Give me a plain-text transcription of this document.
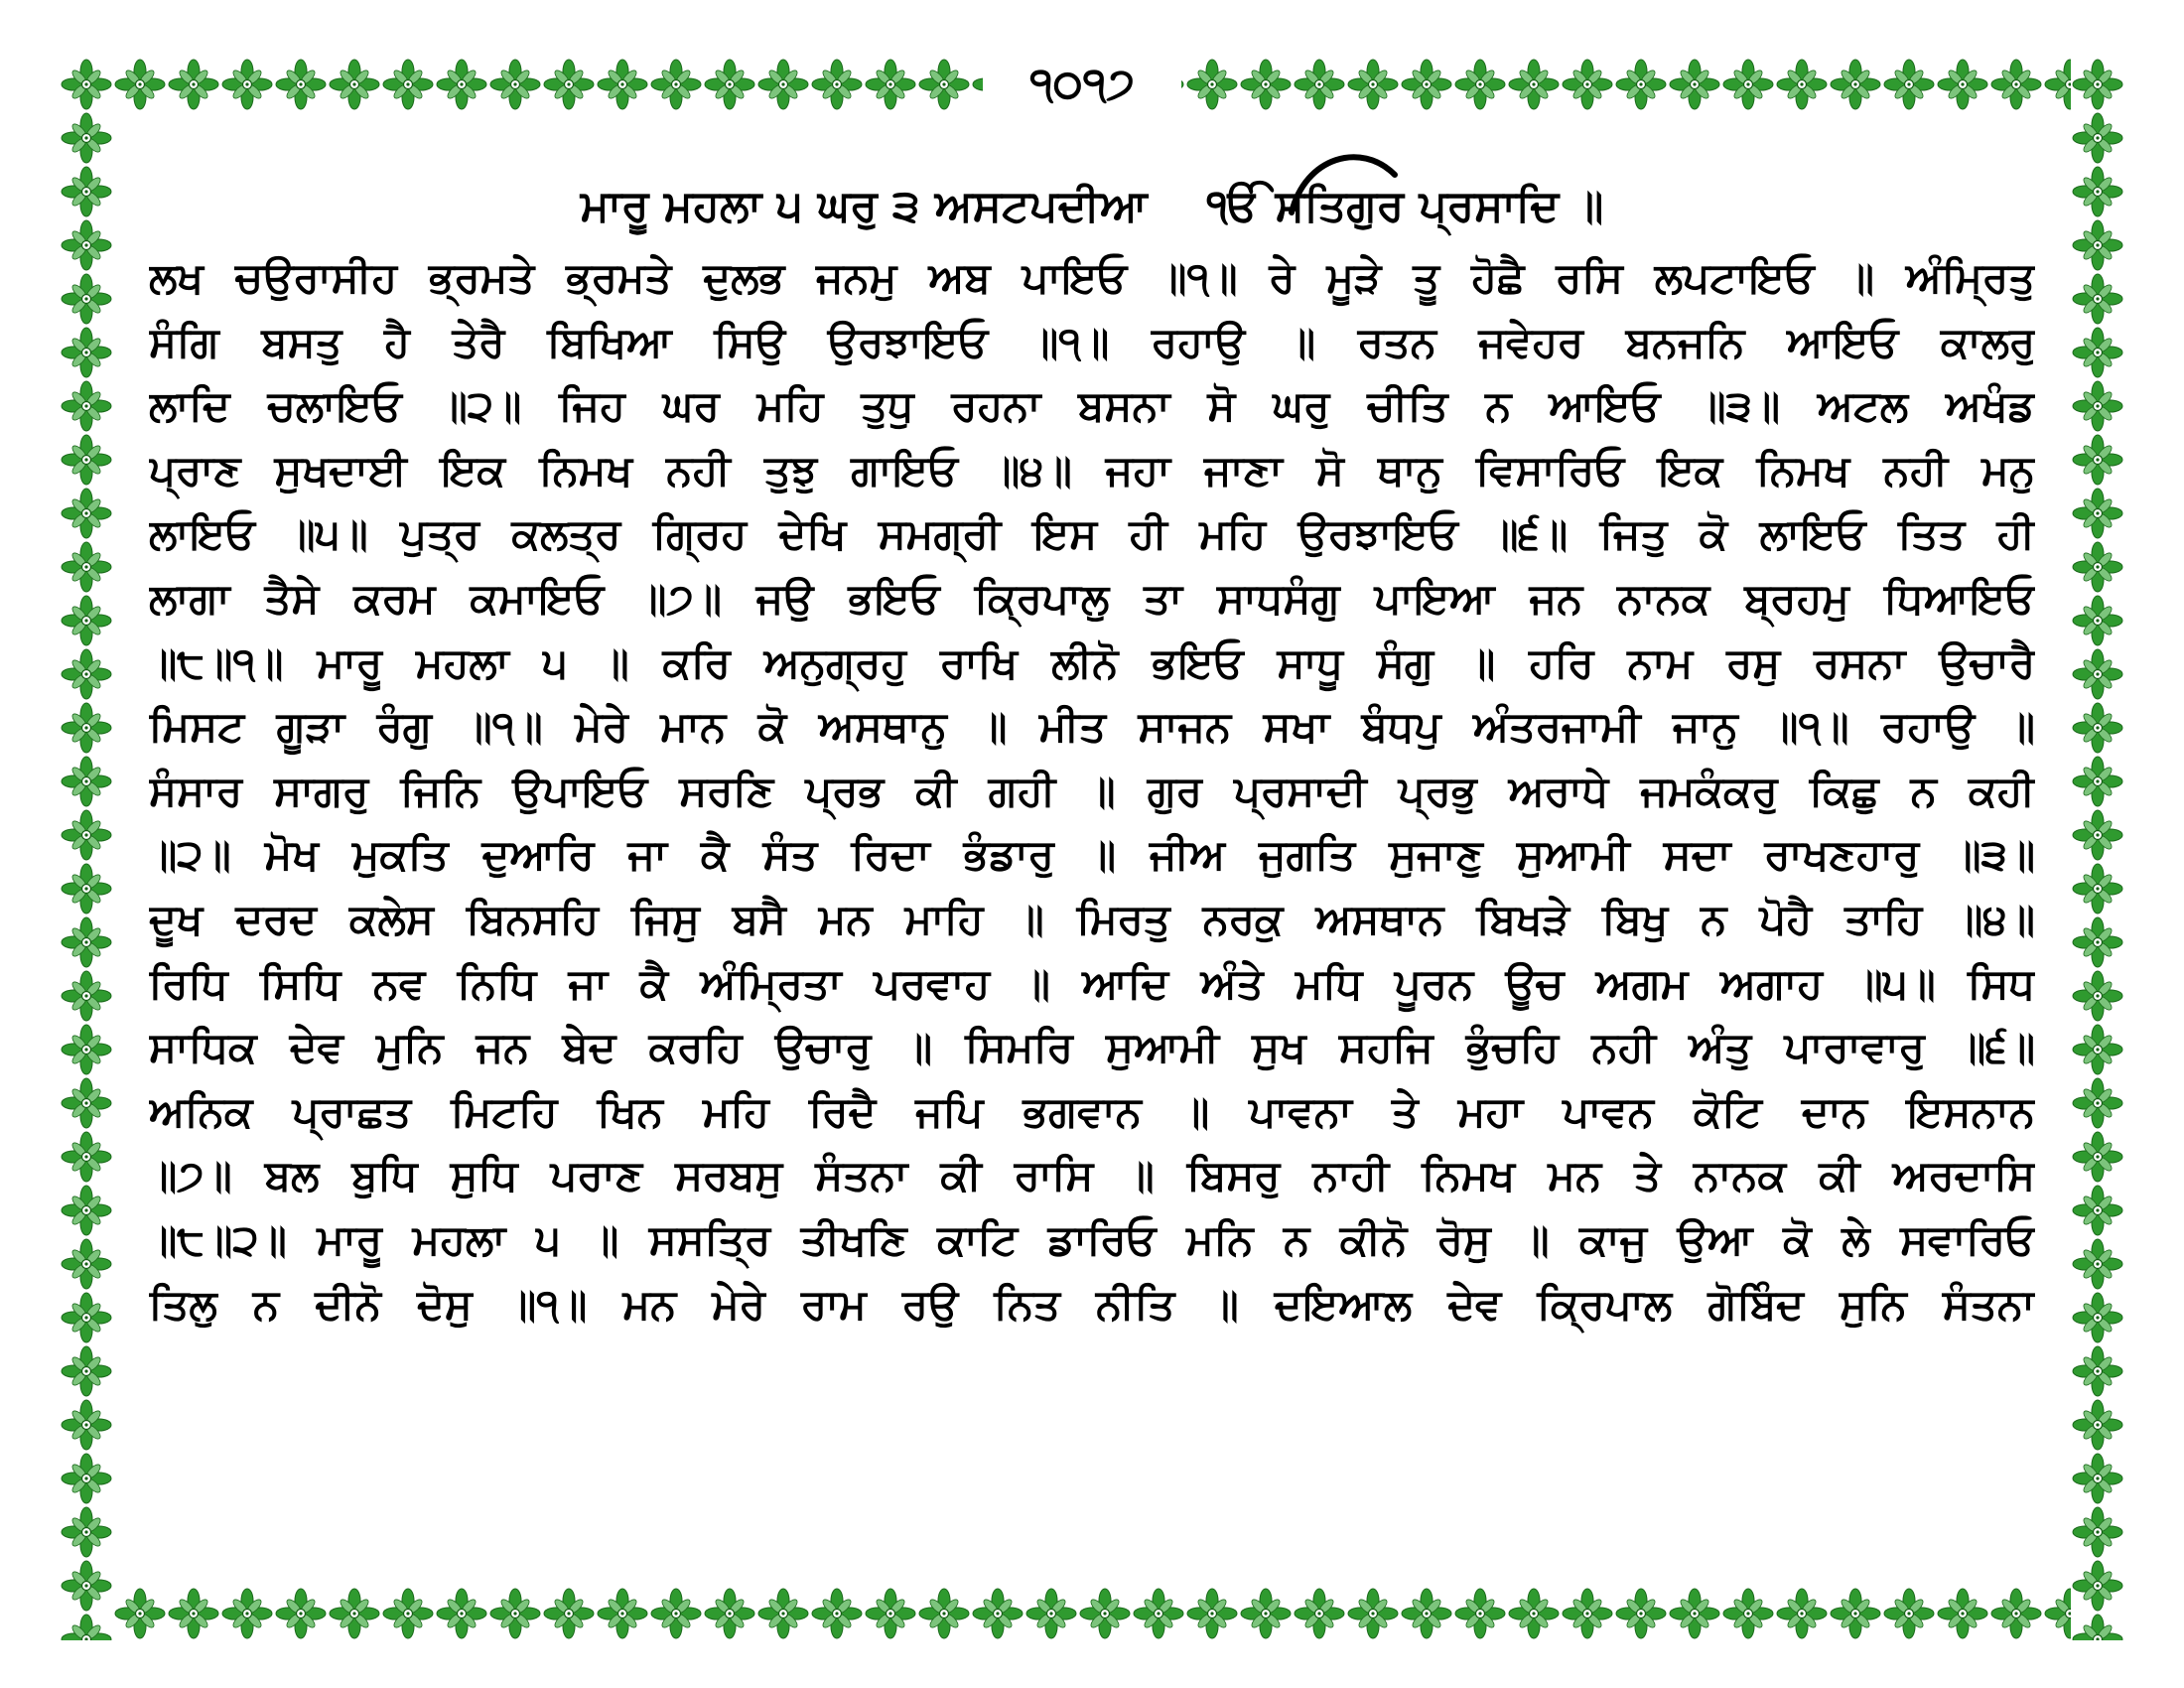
੧੦੧੭
ਮਾਰੂ ਮਹਲਾ ੫ ਘਰੁ ੩ ਅਸਟਪਦੀਆ ੴ ਸਤਿਗੁਰ ਪ੍ਰਸਾਦਿ ॥
ਲਖ ਚਉਰਾਸੀਹ ਭ੍ਰਮਤੇ ਭ੍ਰਮਤੇ ਦੁਲਭ ਜਨਮੁ ਅਬ ਪਾਇਓ ॥੧॥ ਰੇ ਮੂੜੇ ਤੂ ਹੋਛੈ ਰਸਿ ਲਪਟਾਇਓ ॥ ਅੰਮ੍ਰਿਤੁ
ਸੰਗਿ ਬਸਤੁ ਹੈ ਤੇਰੈ ਬਿਖਿਆ ਸਿਉ ਉਰਝਾਇਓ ॥੧॥ ਰਹਾਉ ॥ ਰਤਨ ਜਵੇਹਰ ਬਨਜਨਿ ਆਇਓ ਕਾਲਰੁ
ਲਾਦਿ ਚਲਾਇਓ ॥੨॥ ਜਿਹ ਘਰ ਮਹਿ ਤੁਧੁ ਰਹਨਾ ਬਸਨਾ ਸੋ ਘਰੁ ਚੀਤਿ ਨ ਆਇਓ ॥੩॥ ਅਟਲ ਅਖੰਡ
ਪ੍ਰਾਣ ਸੁਖਦਾਈ ਇਕ ਨਿਮਖ ਨਹੀ ਤੁਝੁ ਗਾਇਓ ॥੪॥ ਜਹਾ ਜਾਣਾ ਸੋ ਥਾਨੁ ਵਿਸਾਰਿਓ ਇਕ ਨਿਮਖ ਨਹੀ ਮਨੁ
ਲਾਇਓ ॥੫॥ ਪੁਤ੍ਰ ਕਲਤ੍ਰ ਗ੍ਰਿਹ ਦੇਖਿ ਸਮਗ੍ਰੀ ਇਸ ਹੀ ਮਹਿ ਉਰਝਾਇਓ ॥੬॥ ਜਿਤੁ ਕੋ ਲਾਇਓ ਤਿਤ ਹੀ
ਲਾਗਾ ਤੈਸੇ ਕਰਮ ਕਮਾਇਓ ॥੭॥ ਜਉ ਭਇਓ ਕ੍ਰਿਪਾਲੁ ਤਾ ਸਾਧਸੰਗੁ ਪਾਇਆ ਜਨ ਨਾਨਕ ਬ੍ਰਹਮੁ ਧਿਆਇਓ
॥੮॥੧॥ ਮਾਰੂ ਮਹਲਾ ੫ ॥ ਕਰਿ ਅਨੁਗ੍ਰਹੁ ਰਾਖਿ ਲੀਨੋ ਭਇਓ ਸਾਧੂ ਸੰਗੁ ॥ ਹਰਿ ਨਾਮ ਰਸੁ ਰਸਨਾ ਉਚਾਰੈ
ਮਿਸਟ ਗੂੜਾ ਰੰਗੁ ॥੧॥ ਮੇਰੇ ਮਾਨ ਕੋ ਅਸਥਾਨੁ ॥ ਮੀਤ ਸਾਜਨ ਸਖਾ ਬੰਧਪੁ ਅੰਤਰਜਾਮੀ ਜਾਨੁ ॥੧॥ ਰਹਾਉ ॥
ਸੰਸਾਰ ਸਾਗਰੁ ਜਿਨਿ ਉਪਾਇਓ ਸਰਣਿ ਪ੍ਰਭ ਕੀ ਗਹੀ ॥ ਗੁਰ ਪ੍ਰਸਾਦੀ ਪ੍ਰਭੁ ਅਰਾਧੇ ਜਮਕੰਕਰੁ ਕਿਛੁ ਨ ਕਹੀ
॥੨॥ ਮੋਖ ਮੁਕਤਿ ਦੁਆਰਿ ਜਾ ਕੈ ਸੰਤ ਰਿਦਾ ਭੰਡਾਰੁ ॥ ਜੀਅ ਜੁਗਤਿ ਸੁਜਾਣੁ ਸੁਆਮੀ ਸਦਾ ਰਾਖਣਹਾਰੁ ॥੩॥
ਦੂਖ ਦਰਦ ਕਲੇਸ ਬਿਨਸਹਿ ਜਿਸੁ ਬਸੈ ਮਨ ਮਾਹਿ ॥ ਮਿਰਤੁ ਨਰਕੁ ਅਸਥਾਨ ਬਿਖੜੇ ਬਿਖੁ ਨ ਪੋਹੈ ਤਾਹਿ ॥੪॥
ਰਿਧਿ ਸਿਧਿ ਨਵ ਨਿਧਿ ਜਾ ਕੈ ਅੰਮ੍ਰਿਤਾ ਪਰਵਾਹ ॥ ਆਦਿ ਅੰਤੇ ਮਧਿ ਪੂਰਨ ਊਚ ਅਗਮ ਅਗਾਹ ॥੫॥ ਸਿਧ
ਸਾਧਿਕ ਦੇਵ ਮੁਨਿ ਜਨ ਬੇਦ ਕਰਹਿ ਉਚਾਰੁ ॥ ਸਿਮਰਿ ਸੁਆਮੀ ਸੁਖ ਸਹਜਿ ਭੁੰਚਹਿ ਨਹੀ ਅੰਤੁ ਪਾਰਾਵਾਰੁ ॥੬॥
ਅਨਿਕ ਪ੍ਰਾਛਤ ਮਿਟਹਿ ਖਿਨ ਮਹਿ ਰਿਦੈ ਜਪਿ ਭਗਵਾਨ ॥ ਪਾਵਨਾ ਤੇ ਮਹਾ ਪਾਵਨ ਕੋਟਿ ਦਾਨ ਇਸਨਾਨ
॥੭॥ ਬਲ ਬੁਧਿ ਸੁਧਿ ਪਰਾਣ ਸਰਬਸੁ ਸੰਤਨਾ ਕੀ ਰਾਸਿ ॥ ਬਿਸਰੁ ਨਾਹੀ ਨਿਮਖ ਮਨ ਤੇ ਨਾਨਕ ਕੀ ਅਰਦਾਸਿ
॥੮॥੨॥ ਮਾਰੂ ਮਹਲਾ ੫ ॥ ਸਸਤ੍ਰਿ ਤੀਖਣਿ ਕਾਟਿ ਡਾਰਿਓ ਮਨਿ ਨ ਕੀਨੋ ਰੋਸੁ ॥ ਕਾਜੁ ਉਆ ਕੋ ਲੇ ਸਵਾਰਿਓ
ਤਿਲੁ ਨ ਦੀਨੋ ਦੋਸੁ ॥੧॥ ਮਨ ਮੇਰੇ ਰਾਮ ਰਉ ਨਿਤ ਨੀਤਿ ॥ ਦਇਆਲ ਦੇਵ ਕ੍ਰਿਪਾਲ ਗੋਬਿੰਦ ਸੁਨਿ ਸੰਤਨਾ
